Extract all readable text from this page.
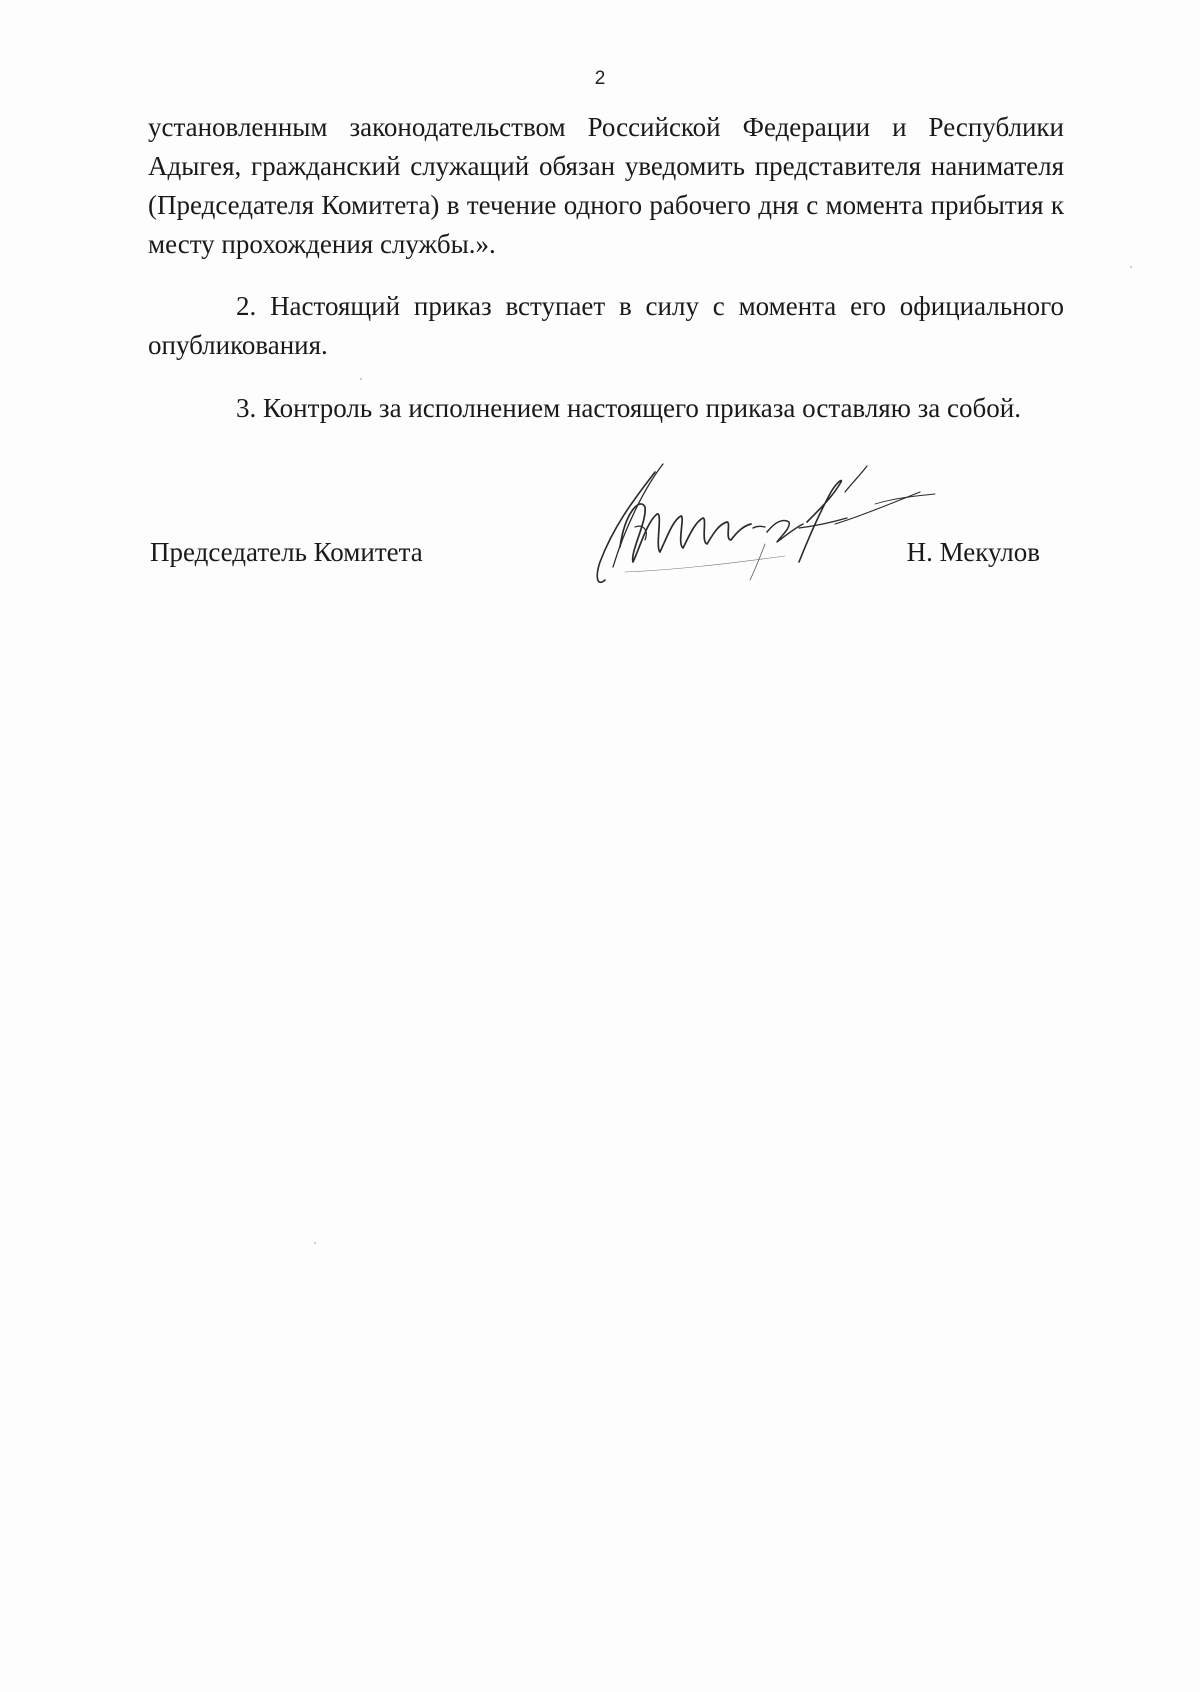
2
установленным законодательством Российской Федерации и Республики Адыгея, гражданский служащий обязан уведомить представителя нанимателя (Председателя Комитета) в течение одного рабочего дня с момента прибытия к месту прохождения службы.».
2. Настоящий приказ вступает в силу с момента его официального опубликования.
3. Контроль за исполнением настоящего приказа оставляю за собой.
Председатель Комитета	Н. Мекулов
